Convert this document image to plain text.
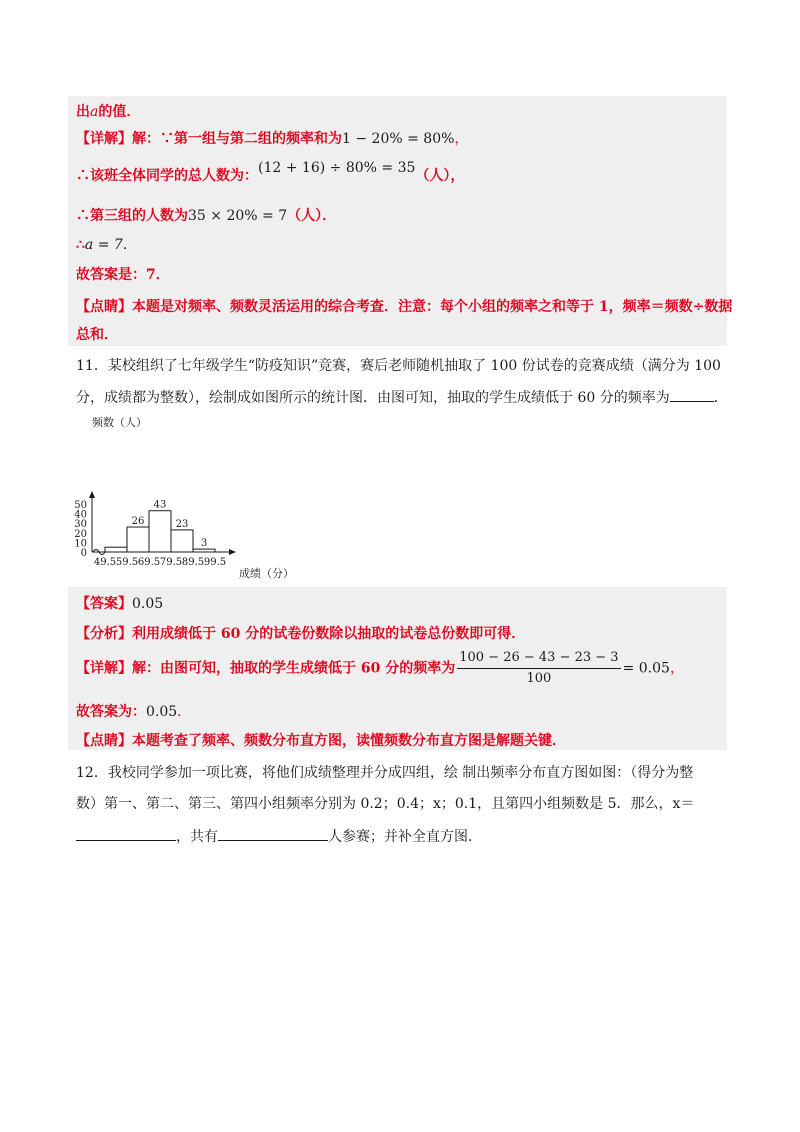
出a的值．
【详解】解：∵第一组与第二组的频率和为1 − 20% = 80%，
∴该班全体同学的总人数为：(12 + 16) ÷ 80% = 35（人），
∴第三组的人数为35 × 20% = 7（人）．
∴a = 7．
故答案是：7．
【点睛】本题是对频率、频数灵活运用的综合考查．注意：每个小组的频率之和等于 1，频率＝频数÷数据
总和．
11．某校组织了七年级学生“防疫知识”竞赛，赛后老师随机抽取了 100 份试卷的竞赛成绩（满分为 100
分，成绩都为整数），绘制成如图所示的统计图．由图可知，抽取的学生成绩低于 60 分的频率为	．
频数（人）
0
10
20
30
40
50
26
43
23
3
49.5 59.5 69.5 79.5 89.5 99.5
成绩（分）
【答案】0.05
【分析】利用成绩低于 60 分的试卷份数除以抽取的试卷总份数即可得．
【详解】解：由图可知，抽取的学生成绩低于 60 分的频率为 $\frac{100 - 26 - 43 - 23 - 3}{100} = 0.05$，
故答案为：0.05．
【点睛】本题考查了频率、频数分布直方图，读懂频数分布直方图是解题关键．
12．我校同学参加一项比赛，将他们成绩整理并分成四组，绘 制出频率分布直方图如图：（得分为整
数）第一、第二、第三、第四小组频率分别为 0.2；0.4；x；0.1，且第四小组频数是 5．那么，x＝
，共有	人参赛；并补全直方图．
